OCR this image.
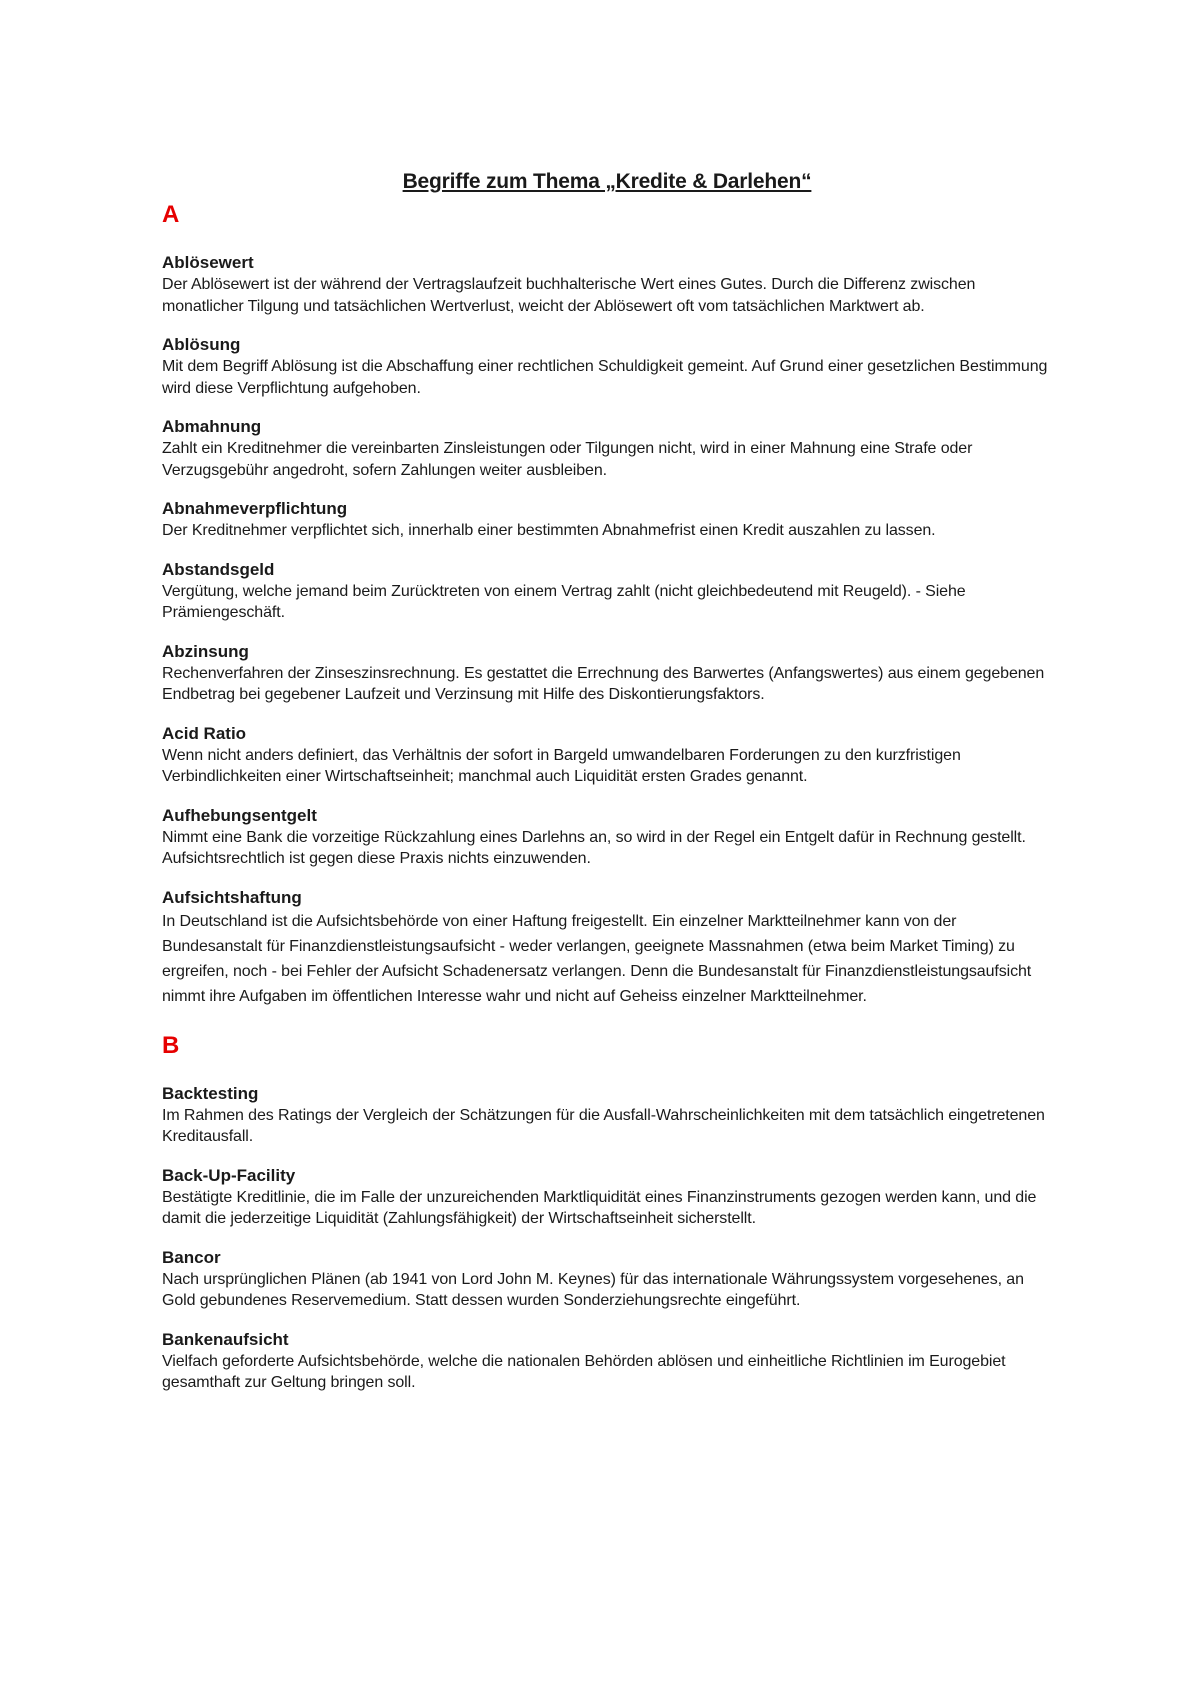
Begriffe zum Thema „Kredite & Darlehen“
A

Ablösewert

Der Ablösewert ist der während der Vertragslaufzeit buchhalterische Wert eines Gutes. Durch die Differenz zwischen monatlicher Tilgung und tatsächlichen Wertverlust, weicht der Ablösewert oft vom tatsächlichen Marktwert ab.

Ablösung

Mit dem Begriff Ablösung ist die Abschaffung einer rechtlichen Schuldigkeit gemeint. Auf Grund einer gesetzlichen Bestimmung wird diese Verpflichtung aufgehoben.

Abmahnung

Zahlt ein Kreditnehmer die vereinbarten Zinsleistungen oder Tilgungen nicht, wird in einer Mahnung eine Strafe oder Verzugsgebühr angedroht, sofern Zahlungen weiter ausbleiben.

Abnahmeverpflichtung

Der Kreditnehmer verpflichtet sich, innerhalb einer bestimmten Abnahmefrist einen Kredit auszahlen zu lassen.

Abstandsgeld

Vergütung, welche jemand beim Zurücktreten von einem Vertrag zahlt (nicht gleichbedeutend mit Reugeld). - Siehe Prämiengeschäft.

Abzinsung

Rechenverfahren der Zinseszinsrechnung. Es gestattet die Errechnung des Barwertes (Anfangswertes) aus einem gegebenen Endbetrag bei gegebener Laufzeit und Verzinsung mit Hilfe des Diskontierungsfaktors.

Acid Ratio

Wenn nicht anders definiert, das Verhältnis der sofort in Bargeld umwandelbaren Forderungen zu den kurzfristigen Verbindlichkeiten einer Wirtschaftseinheit; manchmal auch Liquidität ersten Grades genannt.

Aufhebungsentgelt

Nimmt eine Bank die vorzeitige Rückzahlung eines Darlehns an, so wird in der Regel ein Entgelt dafür in Rechnung gestellt. Aufsichtsrechtlich ist gegen diese Praxis nichts einzuwenden.

Aufsichtshaftung

In Deutschland ist die Aufsichtsbehörde von einer Haftung freigestellt. Ein einzelner Marktteilnehmer kann von der Bundesanstalt für Finanzdienstleistungsaufsicht - weder verlangen, geeignete Massnahmen (etwa beim Market Timing) zu ergreifen, noch - bei Fehler der Aufsicht Schadenersatz verlangen. Denn die Bundesanstalt für Finanzdienstleistungsaufsicht nimmt ihre Aufgaben im öffentlichen Interesse wahr und nicht auf Geheiss einzelner Marktteilnehmer.

B

Backtesting

Im Rahmen des Ratings der Vergleich der Schätzungen für die Ausfall-Wahrscheinlichkeiten mit dem tatsächlich eingetretenen Kreditausfall.

Back-Up-Facility

Bestätigte Kreditlinie, die im Falle der unzureichenden Marktliquidität eines Finanzinstruments gezogen werden kann, und die damit die jederzeitige Liquidität (Zahlungsfähigkeit) der Wirtschaftseinheit sicherstellt.

Bancor

Nach ursprünglichen Plänen (ab 1941 von Lord John M. Keynes) für das internationale Währungssystem vorgesehenes, an Gold gebundenes Reservemedium. Statt dessen wurden Sonderziehungsrechte eingeführt.

Bankenaufsicht

Vielfach geforderte Aufsichtsbehörde, welche die nationalen Behörden ablösen und einheitliche Richtlinien im Eurogebiet gesamthaft zur Geltung bringen soll.
